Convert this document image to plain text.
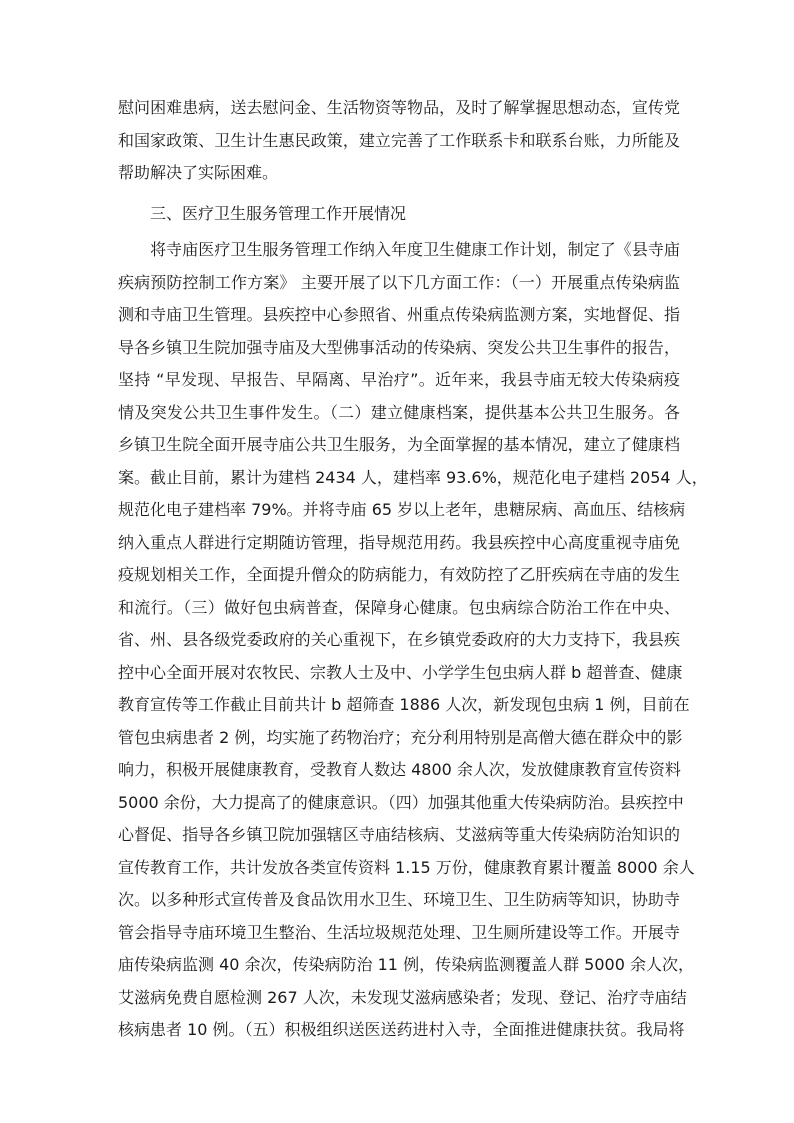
慰问困难患病，送去慰问金、生活物资等物品，及时了解掌握思想动态，宣传党
和国家政策、卫生计生惠民政策，建立完善了工作联系卡和联系台账，力所能及
帮助解决了实际困难。
三、医疗卫生服务管理工作开展情况
　　将寺庙医疗卫生服务管理工作纳入年度卫生健康工作计划，制定了《县寺庙
疾病预防控制工作方案》 主要开展了以下几方面工作：（一）开展重点传染病监
测和寺庙卫生管理。县疾控中心参照省、州重点传染病监测方案，实地督促、指
导各乡镇卫生院加强寺庙及大型佛事活动的传染病、突发公共卫生事件的报告，
坚持 “早发现、早报告、早隔离、早治疗”。近年来，我县寺庙无较大传染病疫
情及突发公共卫生事件发生。（二）建立健康档案，提供基本公共卫生服务。各
乡镇卫生院全面开展寺庙公共卫生服务，为全面掌握的基本情况，建立了健康档
案。截止目前，累计为建档 2434 人，建档率 93.6%，规范化电子建档 2054 人，
规范化电子建档率 79%。并将寺庙 65 岁以上老年，患糖尿病、高血压、结核病
纳入重点人群进行定期随访管理，指导规范用药。我县疾控中心高度重视寺庙免
疫规划相关工作，全面提升僧众的防病能力，有效防控了乙肝疾病在寺庙的发生
和流行。（三）做好包虫病普查，保障身心健康。包虫病综合防治工作在中央、
省、州、县各级党委政府的关心重视下，在乡镇党委政府的大力支持下，我县疾
控中心全面开展对农牧民、宗教人士及中、小学学生包虫病人群 b 超普查、健康
教育宣传等工作截止目前共计 b 超筛查 1886 人次，新发现包虫病 1 例，目前在
管包虫病患者 2 例，均实施了药物治疗；充分利用特别是高僧大德在群众中的影
响力，积极开展健康教育，受教育人数达 4800 余人次，发放健康教育宣传资料
5000 余份，大力提高了的健康意识。（四）加强其他重大传染病防治。县疾控中
心督促、指导各乡镇卫院加强辖区寺庙结核病、艾滋病等重大传染病防治知识的
宣传教育工作，共计发放各类宣传资料 1.15 万份，健康教育累计覆盖 8000 余人
次。以多种形式宣传普及食品饮用水卫生、环境卫生、卫生防病等知识，协助寺
管会指导寺庙环境卫生整治、生活垃圾规范处理、卫生厕所建设等工作。开展寺
庙传染病监测 40 余次，传染病防治 11 例，传染病监测覆盖人群 5000 余人次，
艾滋病免费自愿检测 267 人次，未发现艾滋病感染者；发现、登记、治疗寺庙结
核病患者 10 例。（五）积极组织送医送药进村入寺，全面推进健康扶贫。我局将
